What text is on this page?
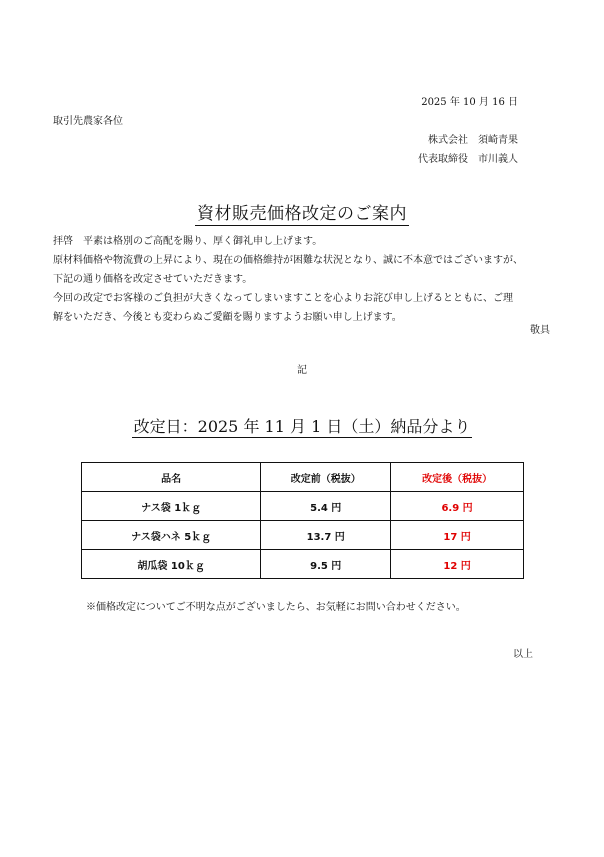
2025 年 10 月 16 日
取引先農家各位
株式会社　須崎青果
代表取締役　市川義人
資材販売価格改定のご案内

拝啓　平素は格別のご高配を賜り、厚く御礼申し上げます。

原材料価格や物流費の上昇により、現在の価格維持が困難な状況となり、誠に不本意ではございますが、

下記の通り価格を改定させていただきます。

今回の改定でお客様のご負担が大きくなってしまいますことを心よりお詫び申し上げるとともに、ご理

解をいただき、今後とも変わらぬご愛顧を賜りますようお願い申し上げます。

敬具
記
改定日：2025 年 11 月 1 日（土）納品分より
品名	改定前（税抜）	改定後（税抜）
ナス袋 1ｋｇ	5.4 円	6.9 円
ナス袋ハネ 5ｋｇ	13.7 円	17 円
胡瓜袋 10ｋｇ	9.5 円	12 円
※価格改定についてご不明な点がございましたら、お気軽にお問い合わせください。
以上
